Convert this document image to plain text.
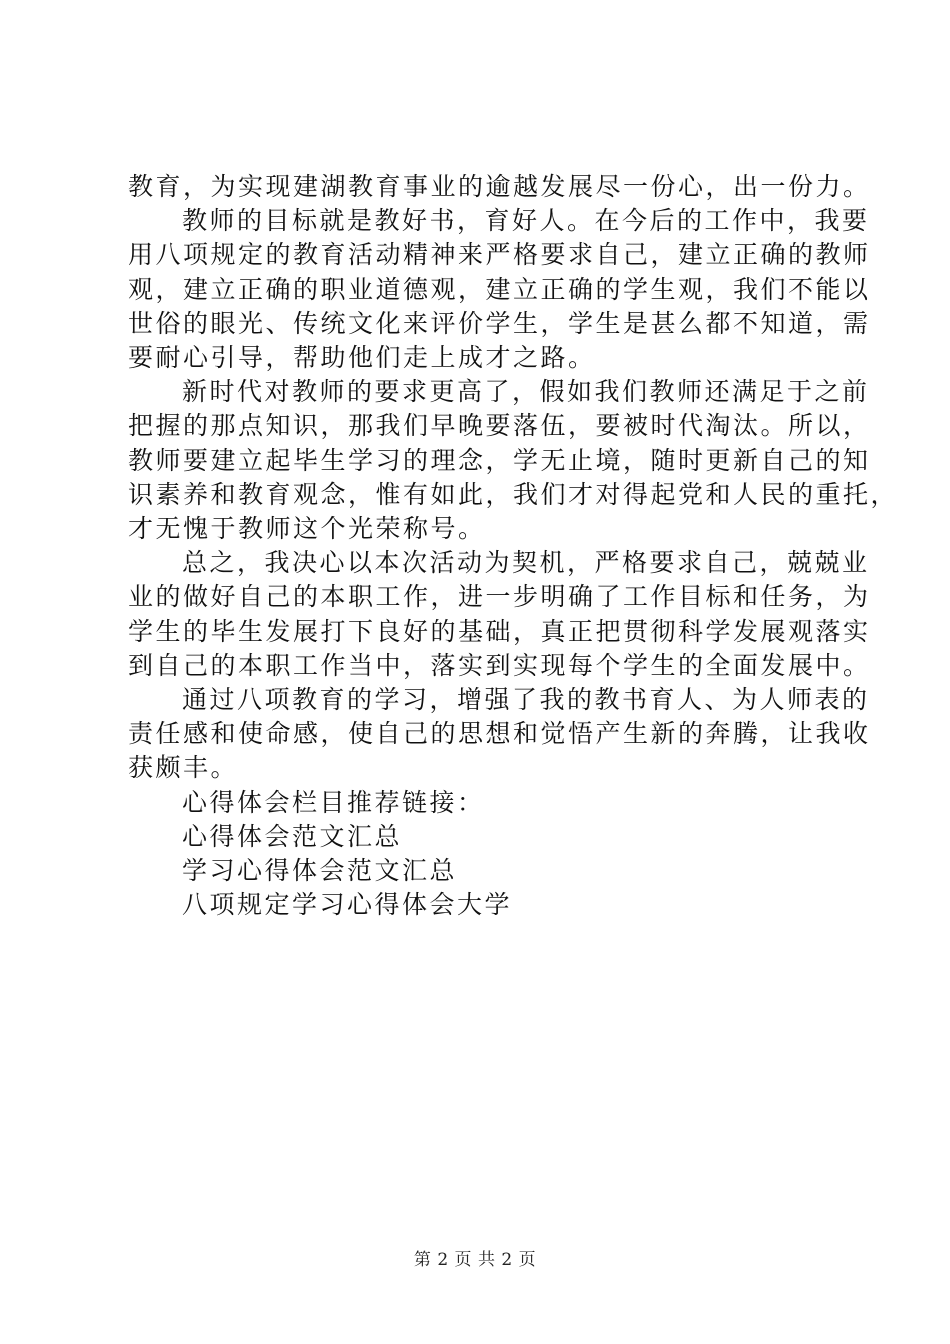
教育，为实现建湖教育事业的逾越发展尽一份心，出一份力。
教师的目标就是教好书，育好人。在今后的工作中，我要
用八项规定的教育活动精神来严格要求自己，建立正确的教师
观，建立正确的职业道德观，建立正确的学生观，我们不能以
世俗的眼光、传统文化来评价学生，学生是甚么都不知道，需
要耐心引导，帮助他们走上成才之路。
新时代对教师的要求更高了，假如我们教师还满足于之前
把握的那点知识，那我们早晚要落伍，要被时代淘汰。所以，
教师要建立起毕生学习的理念，学无止境，随时更新自己的知
识素养和教育观念，惟有如此，我们才对得起党和人民的重托，
才无愧于教师这个光荣称号。
总之，我决心以本次活动为契机，严格要求自己，兢兢业
业的做好自己的本职工作，进一步明确了工作目标和任务，为
学生的毕生发展打下良好的基础，真正把贯彻科学发展观落实
到自己的本职工作当中，落实到实现每个学生的全面发展中。
通过八项教育的学习，增强了我的教书育人、为人师表的
责任感和使命感，使自己的思想和觉悟产生新的奔腾，让我收
获颇丰。
心得体会栏目推荐链接：
心得体会范文汇总
学习心得体会范文汇总
八项规定学习心得体会大学
第 2 页 共 2 页
